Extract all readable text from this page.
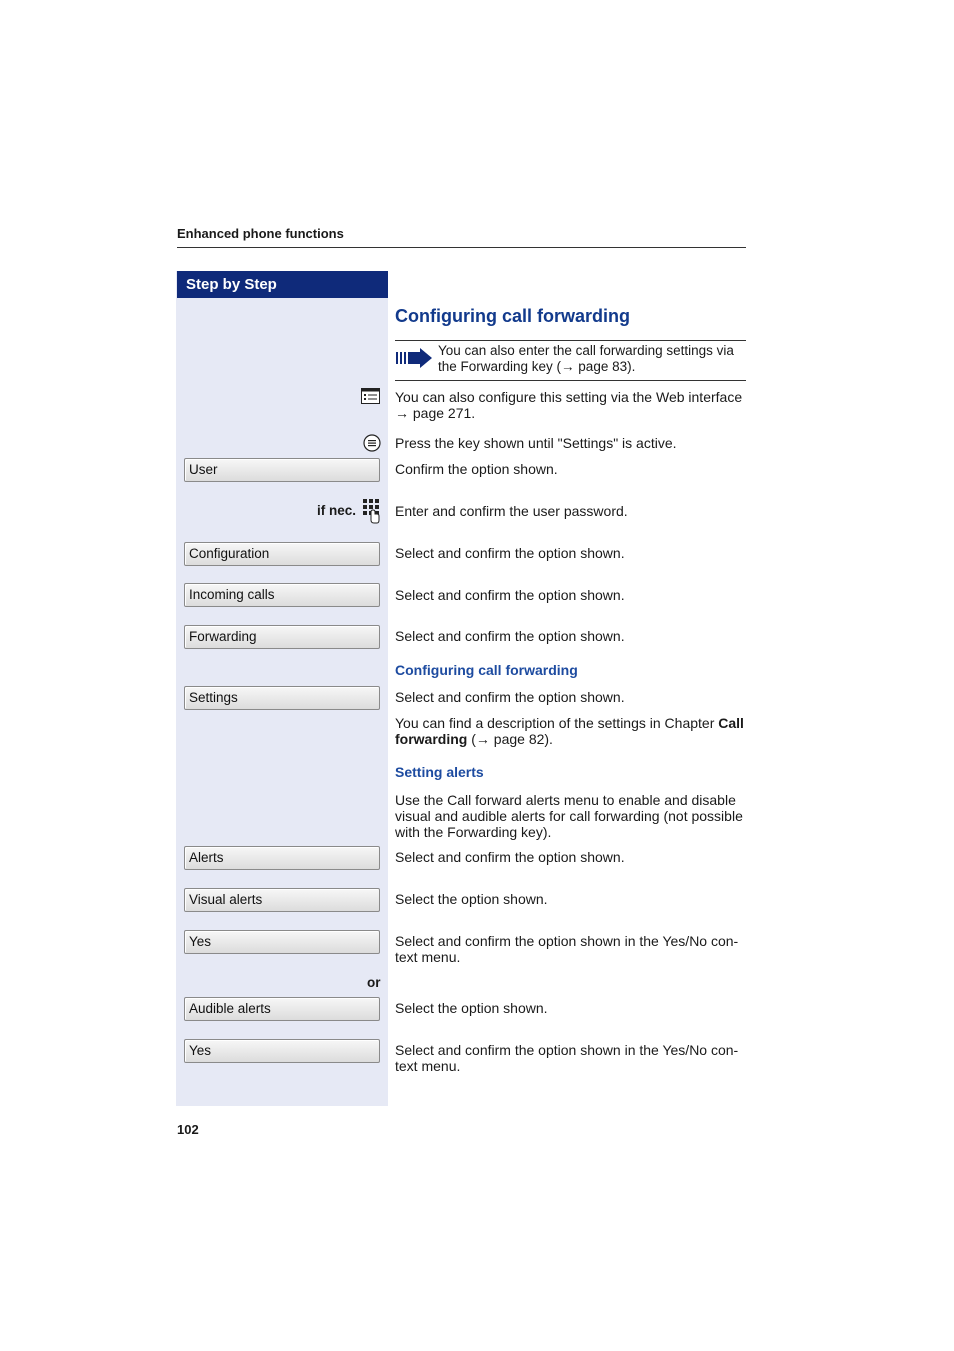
Enhanced phone functions
Step by Step
Configuring call forwarding
You can also enter the call forwarding settings via the Forwarding key (→ page 83).
You can also configure this setting via the Web interface → page 271.
Press the key shown until "Settings" is active.
User	Confirm the option shown.
if nec.	Enter and confirm the user password.
Configuration	Select and confirm the option shown.
Incoming calls	Select and confirm the option shown.
Forwarding	Select and confirm the option shown.
Configuring call forwarding
Settings	Select and confirm the option shown.
You can find a description of the settings in Chapter Call forwarding (→ page 82).
Setting alerts
Use the Call forward alerts menu to enable and disable visual and audible alerts for call forwarding (not possible with the Forwarding key).
Alerts	Select and confirm the option shown.
Visual alerts	Select the option shown.
Yes	Select and confirm the option shown in the Yes/No con-text menu.
or
Audible alerts	Select the option shown.
Yes	Select and confirm the option shown in the Yes/No con-text menu.
102
